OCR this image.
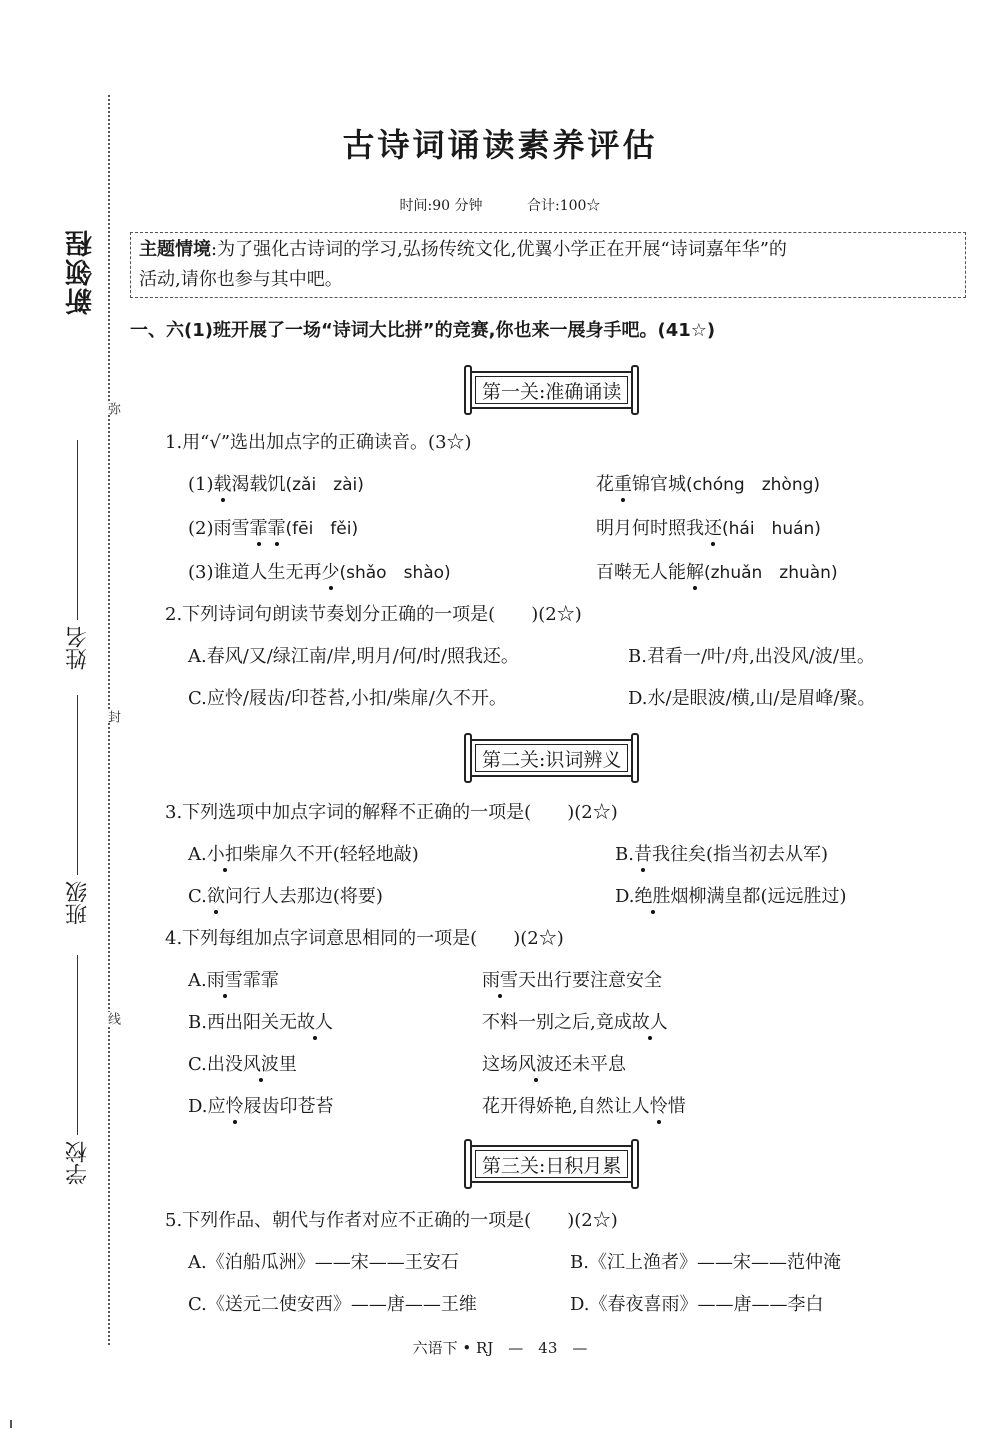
新领程
弥
封
线
姓名
班级
学校
古诗词诵读素养评估
时间:90 分钟	合计:100☆
主题情境:为了强化古诗词的学习,弘扬传统文化,优翼小学正在开展“诗词嘉年华”的
活动,请你也参与其中吧。
一、六(1)班开展了一场“诗词大比拼”的竞赛,你也来一展身手吧。(41☆)
第一关:准确诵读
1.用“√”选出加点字的正确读音。(3☆)
(1)载渴载饥(zǎi　zài)	花重锦官城(chóng　zhòng)
(2)雨雪霏霏(fēi　fěi)	明月何时照我还(hái　huán)
(3)谁道人生无再少(shǎo　shào)	百啭无人能解(zhuǎn　zhuàn)
2.下列诗词句朗读节奏划分正确的一项是(　　)(2☆)
A.春风/又/绿江南/岸,明月/何/时/照我还。	B.君看一/叶/舟,出没风/波/里。
C.应怜/屐齿/印苍苔,小扣/柴扉/久不开。	D.水/是眼波/横,山/是眉峰/聚。
第二关:识词辨义
3.下列选项中加点字词的解释不正确的一项是(　　)(2☆)
A.小扣柴扉久不开(轻轻地敲)	B.昔我往矣(指当初去从军)
C.欲问行人去那边(将要)	D.绝胜烟柳满皇都(远远胜过)
4.下列每组加点字词意思相同的一项是(　　)(2☆)
A.雨雪霏霏	雨雪天出行要注意安全
B.西出阳关无故人	不料一别之后,竟成故人
C.出没风波里	这场风波还未平息
D.应怜屐齿印苍苔	花开得娇艳,自然让人怜惜
第三关:日积月累
5.下列作品、朝代与作者对应不正确的一项是(　　)(2☆)
A.《泊船瓜洲》——宋——王安石	B.《江上渔者》——宋——范仲淹
C.《送元二使安西》——唐——王维	D.《春夜喜雨》——唐——李白
六语下 • RJ　—　43　—
